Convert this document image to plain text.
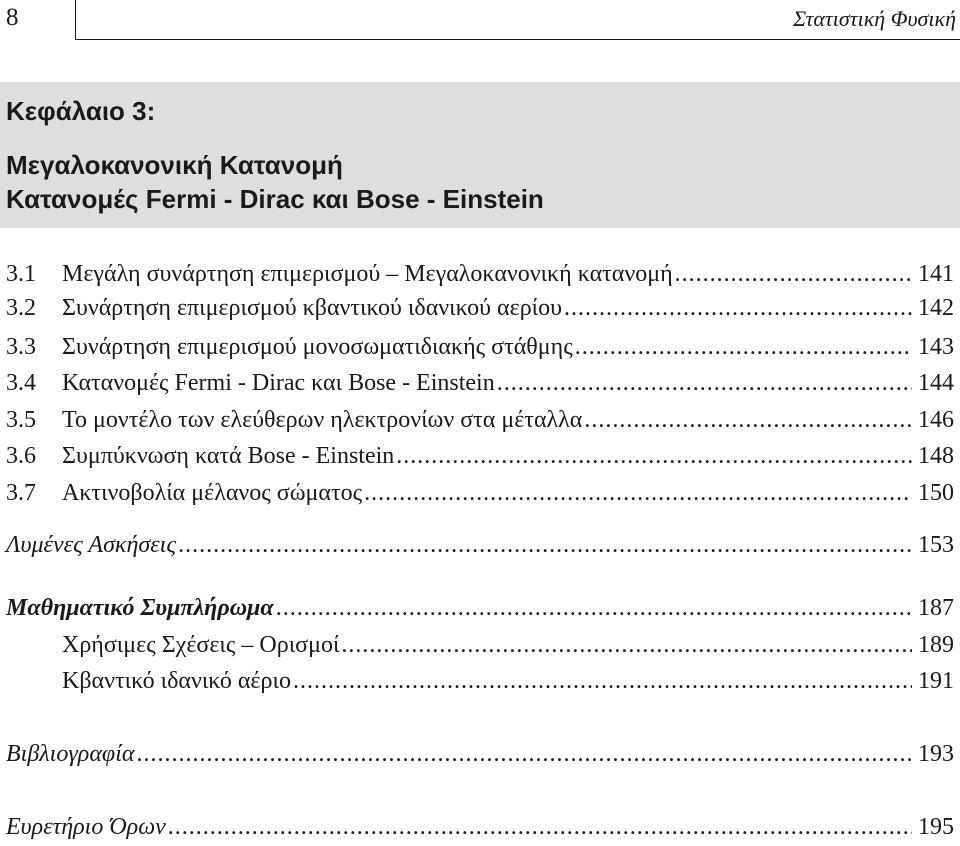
8	Στατιστική Φυσική
Κεφάλαιο 3:
Μεγαλοκανονική Κατανομή
Κατανομές Fermi - Dirac και Bose - Einstein
3.1	Μεγάλη συνάρτηση επιμερισμού – Μεγαλοκανονική κατανομή .....	141
3.2	Συνάρτηση επιμερισμού κβαντικού ιδανικού αερίου .....	142
3.3	Συνάρτηση επιμερισμού μονοσωματιδιακής στάθμης .....	143
3.4	Κατανομές Fermi - Dirac και Bose - Einstein .....	144
3.5	Το μοντέλο των ελεύθερων ηλεκτρονίων στα μέταλλα .....	146
3.6	Συμπύκνωση κατά Bose - Einstein .....	148
3.7	Ακτινοβολία μέλανος σώματος .....	150
Λυμένες Ασκήσεις .....	153
Μαθηματικό Συμπλήρωμα .....	187
Χρήσιμες Σχέσεις – Ορισμοί .....	189
Κβαντικό ιδανικό αέριο .....	191
Βιβλιογραφία .....	193
Ευρετήριο Όρων .....	195
